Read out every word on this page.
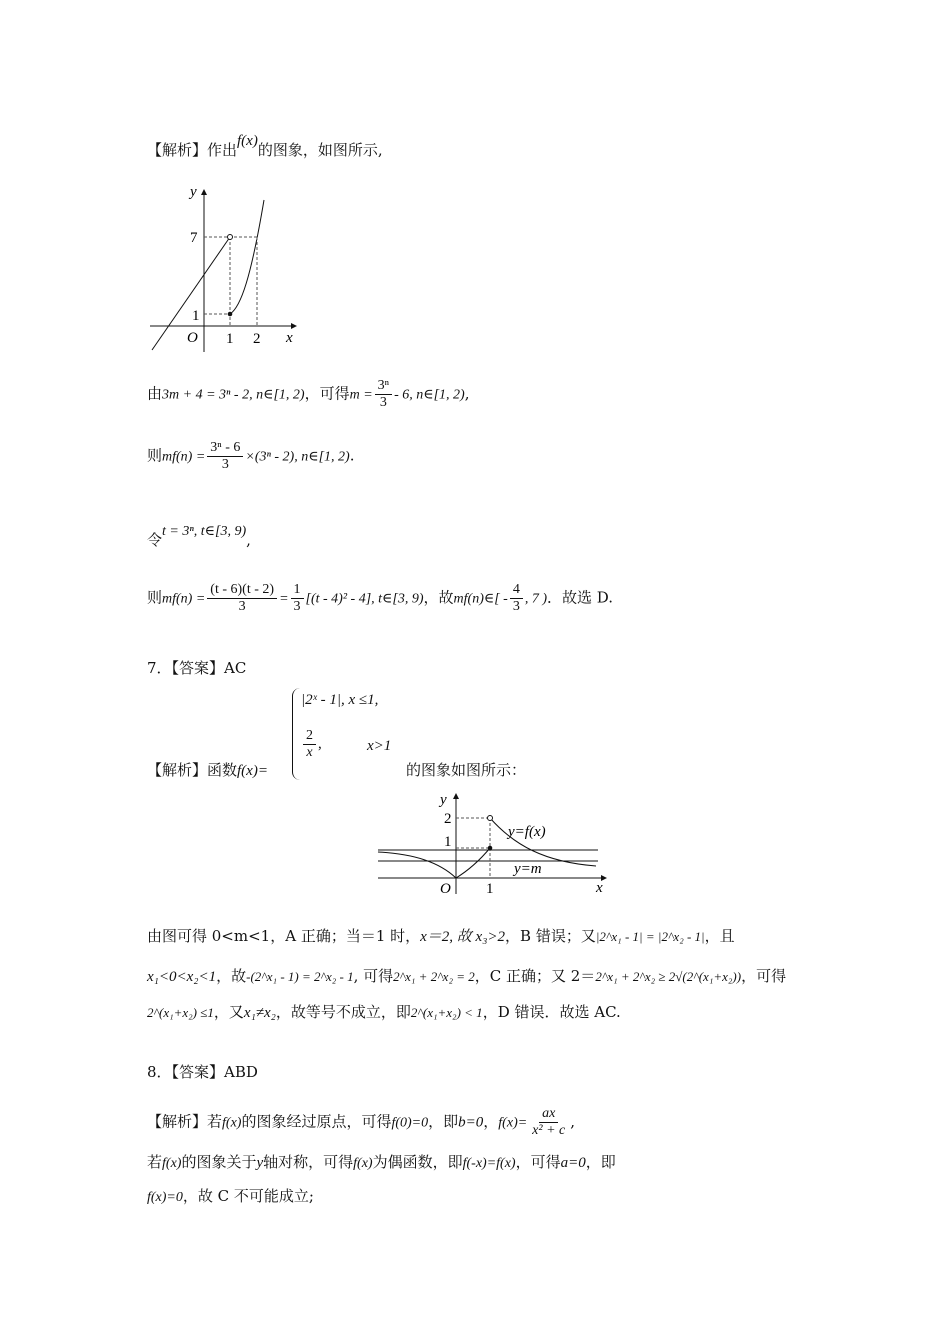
【解析】作出f(x)的图象，如图所示,
y
x
O
7
1
1 2
由3m + 4 = 3ⁿ - 2, n∈[1, 2)，可得$m = \frac{\text{3ⁿ}}{3} - 6$, n∈[1, 2),
则$mf(n) = \frac{\text{3ⁿ - 6}}{3} \times(3^n - 2)$, n∈[1, 2).
令t = 3ⁿ, t∈[3, 9),
则$mf(n) = \frac{(t - 6)(t - 2)}{3} = \frac{1}{3} [(t - 4)^2 - 4]$, t∈[3, 9)，故mf(n)∈[ - $\frac{4}{3}$ , 7 )．故选 D.
7．【答案】AC
|2ˣ - 1|, x ≤1,
$\frac{2}{x}$ ,	x>1
【解析】函数f(x)=	的图象如图所示：
y
x
O
2
1
1
y=f(x)
y=m
由图可得 0<m<1，A 正确；当＝1 时，x＝2, 故 x₃>2，B 错误；又|2^x₁ - 1| = |2^x₂ - 1|，且
x₁<0<x₂<1，故-(2^x₁ - 1) = 2^x₂ - 1, 可得2^x₁ + 2^x₂ = 2，C 正确；又 2＝2^x₁ + 2^x₂ ≥ 2√(2^(x₁+x₂))，可得
2^(x₁+x₂) ≤1，又x₁≠x₂，故等号不成立，即2^(x₁+x₂) < 1，D 错误．故选 AC.
8．【答案】ABD
【解析】若f(x)的图象经过原点，可得f(0)=0，即b=0，$f(x)= \frac{ax}{\text{x² + c}}$ ,
若f(x)的图象关于y轴对称，可得f(x)为偶函数，即f(-x)=f(x)，可得a=0，即
f(x)=0，故 C 不可能成立;
